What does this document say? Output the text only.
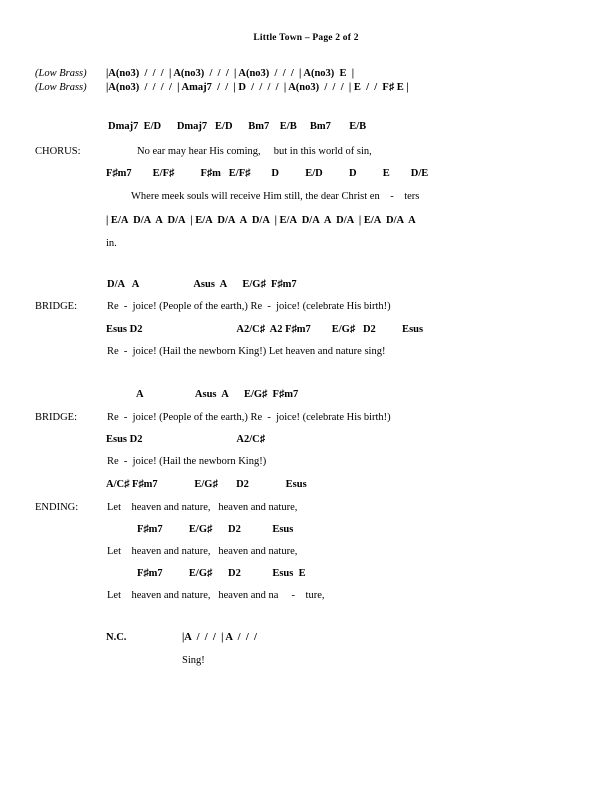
Little Town – Page 2 of 2
(Low Brass) |A(no3)  /  /  /  | A(no3)  /  /  /  | A(no3)  /  /  /  | A(no3)  E  |
(Low Brass) |A(no3)  /  /  /  /  | Amaj7  /  /  | D  /  /  /  /  | A(no3)  /  /  /  | E  /  /  F♯ E |
Dmaj7  E/D      Dmaj7   E/D      Bm7    E/B     Bm7       E/B
CHORUS:	No ear may hear His coming,     but in this world of sin,
F♯m7        E/F♯          F♯m   E/F♯        D          E/D          D          E        D/E
Where meek souls will receive Him still, the dear Christ en    -    ters
| E/A  D/A  A  D/A  | E/A  D/A  A  D/A  | E/A  D/A  A  D/A  | E/A  D/A  A
in.
D/A   A                     Asus  A      E/G♯  F♯m7
BRIDGE:	Re  -  joice! (People of the earth,) Re  -  joice! (celebrate His birth!)
Esus D2                                    A2/C♯  A2 F♯m7        E/G♯   D2          Esus
Re  -  joice! (Hail the newborn King!) Let heaven and nature sing!
A                    Asus  A      E/G♯  F♯m7
BRIDGE:	Re  -  joice! (People of the earth,) Re  -  joice! (celebrate His birth!)
Esus D2                                    A2/C♯
Re  -  joice! (Hail the newborn King!)
A/C♯ F♯m7              E/G♯       D2              Esus
ENDING:	Let    heaven and nature,   heaven and nature,
F♯m7          E/G♯      D2            Esus
Let    heaven and nature,   heaven and nature,
F♯m7          E/G♯      D2            Esus  E
Let    heaven and nature,   heaven and na     -    ture,
N.C.	|A  /  /  /  | A  /  /  /
Sing!
